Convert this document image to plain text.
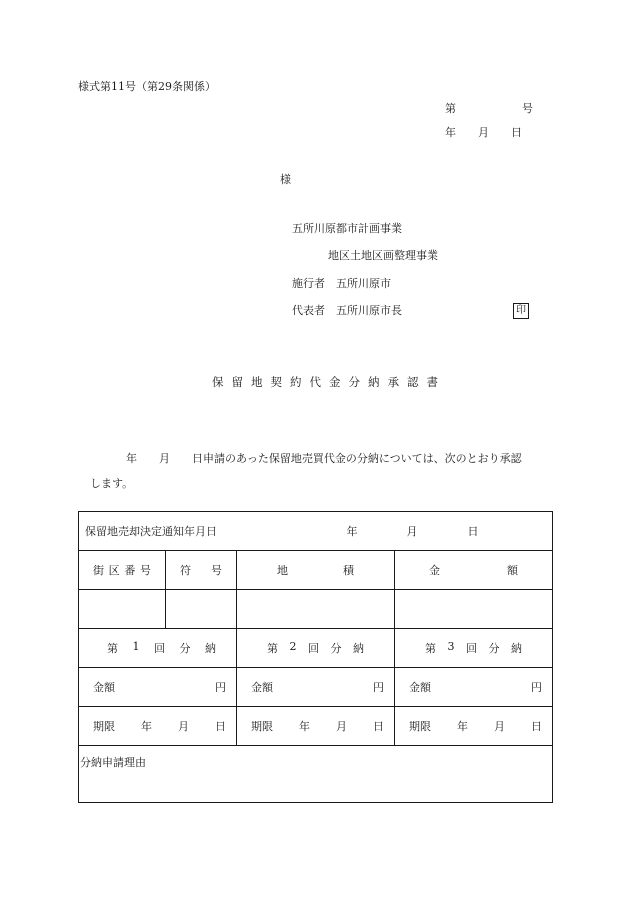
様式第11号（第29条関係）
第　　　　　　号
年　　月　　日
様
五所川原都市計画事業
地区土地区画整理事業
施行者　五所川原市
代表者　五所川原市長	印
保留地契約代金分納承認書
年　　月　　日申請のあった保留地売買代金の分納については、次のとおり承認
します。
保留地売却決定通知年月日 年 月 日			

街 区 番 号	符 号	地 積	金 額

第 1 回 分 納		第 2 回 分 納	第 3 回 分 納

金額 円		金額 円	金額 円

期限 年 月 日		期限 年 月 日	期限 年 月 日

分納申請理由			
